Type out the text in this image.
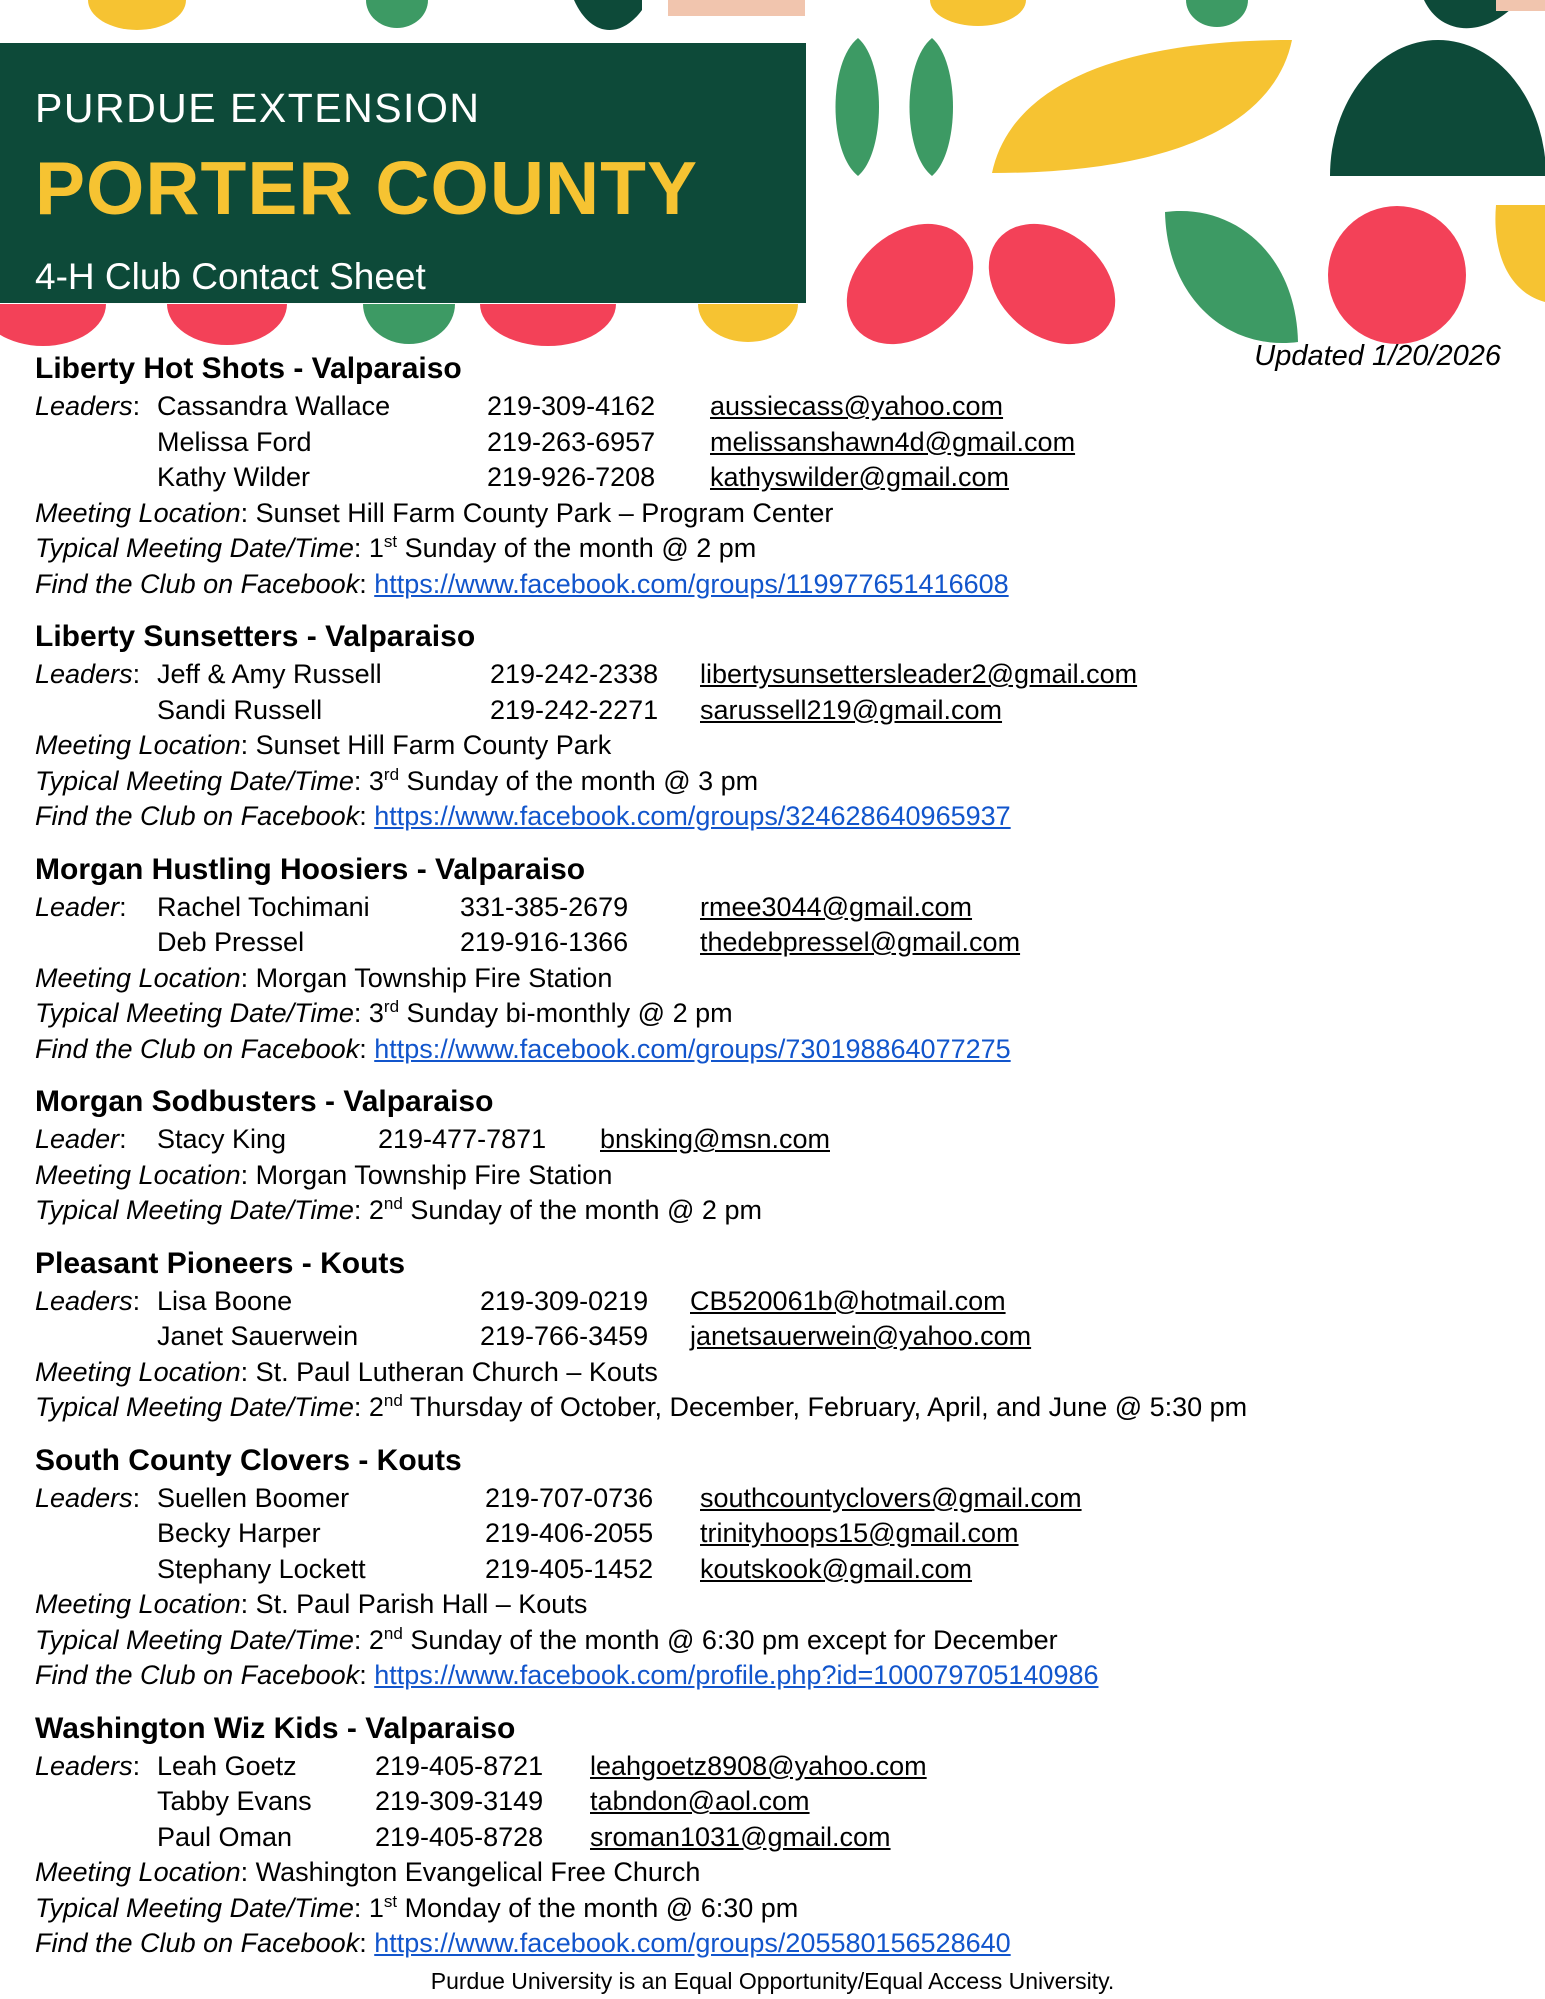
PURDUE EXTENSION
PORTER COUNTY
4-H Club Contact Sheet
Updated 1/20/2026
Liberty Hot Shots - Valparaiso
Leaders: Cassandra Wallace	219-309-4162	aussiecass@yahoo.com
Melissa Ford	219-263-6957	melissanshawn4d@gmail.com
Kathy Wilder	219-926-7208	kathyswilder@gmail.com
Meeting Location: Sunset Hill Farm County Park – Program Center
Typical Meeting Date/Time: 1st Sunday of the month @ 2 pm
Find the Club on Facebook: https://www.facebook.com/groups/119977651416608
Liberty Sunsetters - Valparaiso
Leaders: Jeff & Amy Russell	219-242-2338	libertysunsettersleader2@gmail.com
Sandi Russell	219-242-2271	sarussell219@gmail.com
Meeting Location: Sunset Hill Farm County Park
Typical Meeting Date/Time: 3rd Sunday of the month @ 3 pm
Find the Club on Facebook: https://www.facebook.com/groups/324628640965937
Morgan Hustling Hoosiers - Valparaiso
Leader:	Rachel Tochimani	331-385-2679	rmee3044@gmail.com
Deb Pressel	219-916-1366	thedebpressel@gmail.com
Meeting Location: Morgan Township Fire Station
Typical Meeting Date/Time: 3rd Sunday bi-monthly @ 2 pm
Find the Club on Facebook: https://www.facebook.com/groups/730198864077275
Morgan Sodbusters - Valparaiso
Leader:	Stacy King	219-477-7871	bnsking@msn.com
Meeting Location: Morgan Township Fire Station
Typical Meeting Date/Time: 2nd Sunday of the month @ 2 pm
Pleasant Pioneers - Kouts
Leaders: Lisa Boone	219-309-0219	CB520061b@hotmail.com
Janet Sauerwein	219-766-3459	janetsauerwein@yahoo.com
Meeting Location: St. Paul Lutheran Church – Kouts
Typical Meeting Date/Time: 2nd Thursday of October, December, February, April, and June @ 5:30 pm
South County Clovers - Kouts
Leaders: Suellen Boomer	219-707-0736	southcountyclovers@gmail.com
Becky Harper	219-406-2055	trinityhoops15@gmail.com
Stephany Lockett	219-405-1452	koutskook@gmail.com
Meeting Location: St. Paul Parish Hall – Kouts
Typical Meeting Date/Time: 2nd Sunday of the month @ 6:30 pm except for December
Find the Club on Facebook: https://www.facebook.com/profile.php?id=100079705140986
Washington Wiz Kids - Valparaiso
Leaders: Leah Goetz	219-405-8721	leahgoetz8908@yahoo.com
Tabby Evans	219-309-3149	tabndon@aol.com
Paul Oman	219-405-8728	sroman1031@gmail.com
Meeting Location: Washington Evangelical Free Church
Typical Meeting Date/Time: 1st Monday of the month @ 6:30 pm
Find the Club on Facebook: https://www.facebook.com/groups/205580156528640
Purdue University is an Equal Opportunity/Equal Access University.
